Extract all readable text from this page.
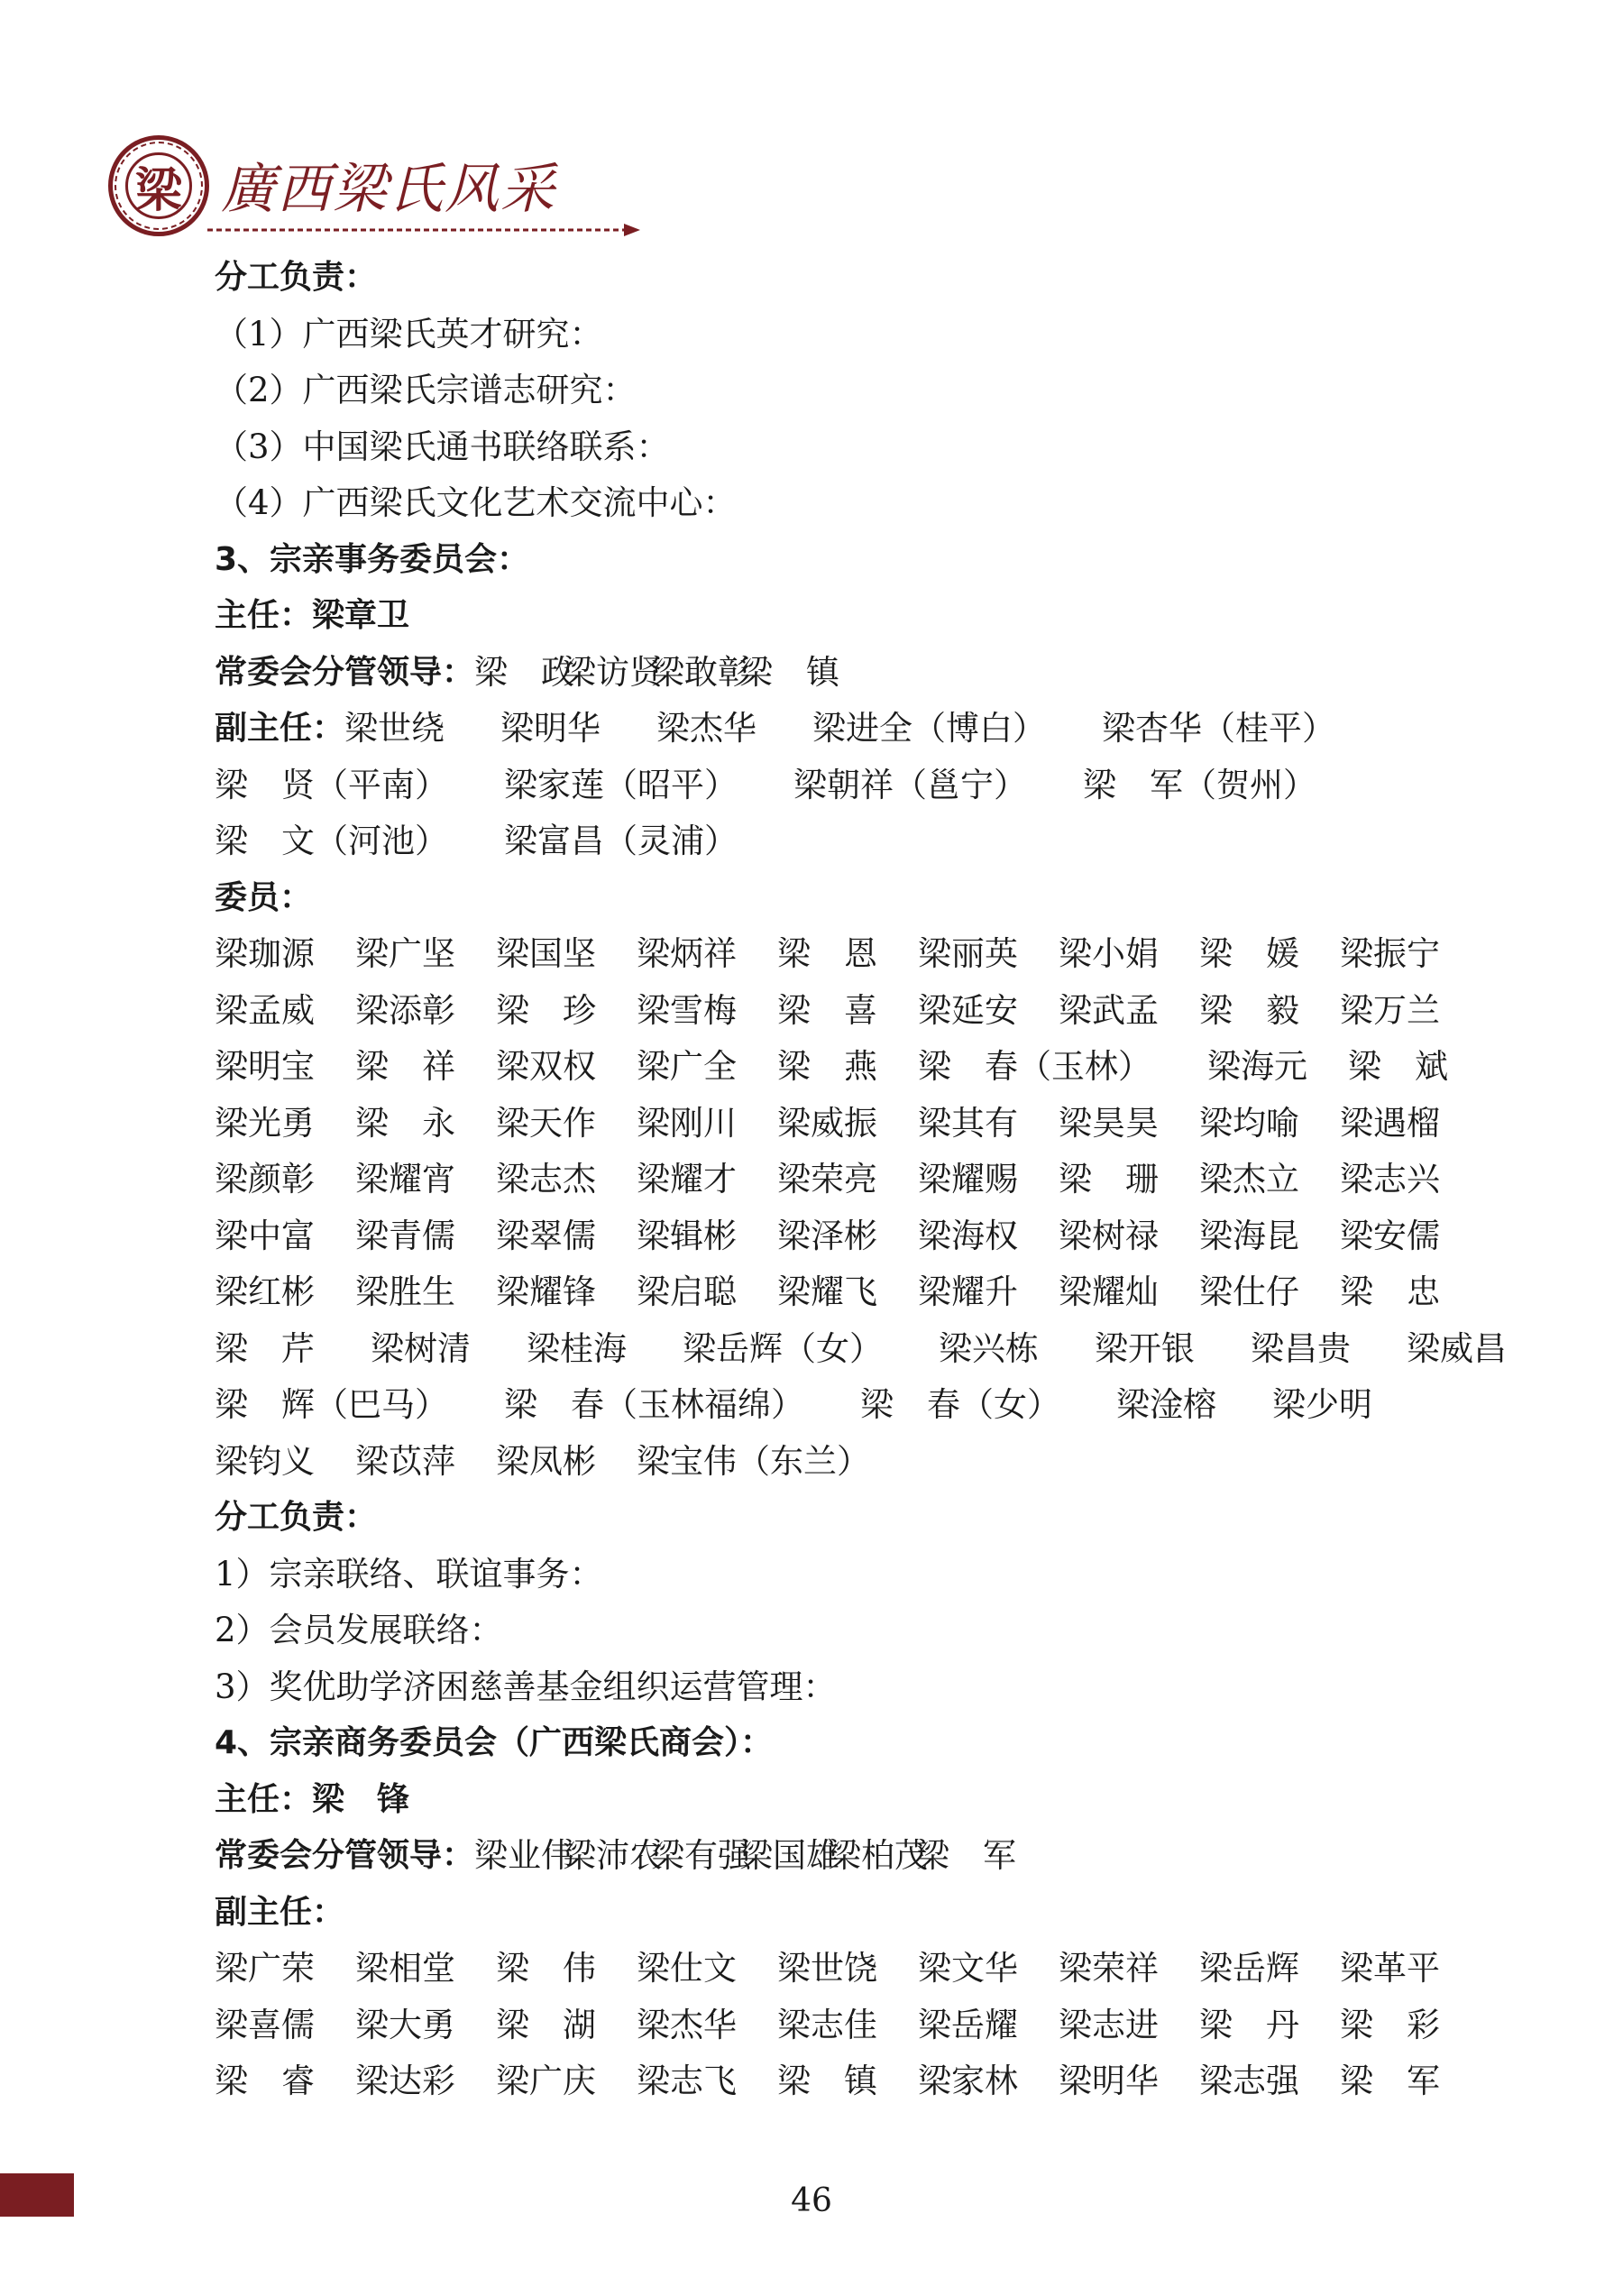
梁 廣西梁氏风采
分工负责：
（1）广西梁氏英才研究：
（2）广西梁氏宗谱志研究：
（3）中国梁氏通书联络联系：
（4）广西梁氏文化艺术交流中心：
3、宗亲事务委员会：
主任：梁章卫
常委会分管领导： 梁　政
梁访贤
梁敢彰
梁　镇
副主任： 梁世绕	梁明华	梁杰华	梁进全（博白）	梁杏华（桂平）
梁　贤（平南）	梁家莲（昭平）	梁朝祥（邕宁）	梁　军（贺州）
梁　文（河池）	梁富昌（灵浦）
委员：
梁珈源	梁广坚	梁国坚	梁炳祥	梁　恩	梁丽英	梁小娟	梁　媛	梁振宁
梁孟威	梁添彰	梁　珍	梁雪梅	梁　喜	梁延安	梁武孟	梁　毅	梁万兰
梁明宝	梁　祥	梁双权	梁广全	梁　燕	梁　春（玉林）	梁海元	梁　斌
梁光勇	梁　永	梁天作	梁刚川	梁威振	梁其有	梁昊昊	梁均喻	梁遇榴
梁颜彰	梁耀宵	梁志杰	梁耀才	梁荣亮	梁耀赐	梁　珊	梁杰立	梁志兴
梁中富	梁青儒	梁翠儒	梁辑彬	梁泽彬	梁海权	梁树禄	梁海昆	梁安儒
梁红彬	梁胜生	梁耀锋	梁启聪	梁耀飞	梁耀升	梁耀灿	梁仕仔	梁　忠
梁　芹	梁树清	梁桂海	梁岳辉（女）	梁兴栋	梁开银	梁昌贵	梁威昌
梁　辉（巴马）	梁　春（玉林福绵）	梁　春（女）	梁淦榕	梁少明
梁钧义	梁苡萍	梁凤彬	梁宝伟（东兰）
分工负责：
1）宗亲联络、联谊事务：
2）会员发展联络：
3）奖优助学济困慈善基金组织运营管理：
4、宗亲商务委员会（广西梁氏商会）：
主任：梁　锋
常委会分管领导： 梁业伟
梁沛农
梁有强
梁国雄
梁柏茂
梁　军
副主任：
梁广荣	梁相堂	梁　伟	梁仕文	梁世饶	梁文华	梁荣祥	梁岳辉	梁革平
梁喜儒	梁大勇	梁　湖	梁杰华	梁志佳	梁岳耀	梁志进	梁　丹	梁　彩
梁　睿	梁达彩	梁广庆	梁志飞	梁　镇	梁家林	梁明华	梁志强	梁　军
46
